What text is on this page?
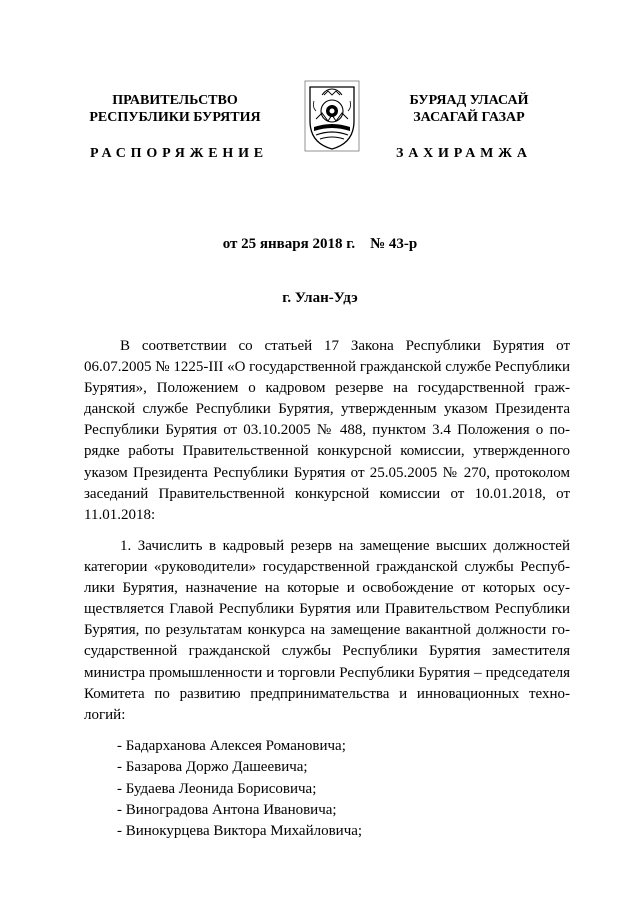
ПРАВИТЕЛЬСТВО
РЕСПУБЛИКИ БУРЯТИЯ
РАСПОРЯЖЕНИЕ
БУРЯАД УЛАСАЙ
ЗАСАГАЙ ГАЗАР
ЗАХИРАМЖА
от 25 января 2018 г.    № 43-р
г. Улан-Удэ

В соответствии со статьей 17 Закона Республики Бурятия от 06.07.2005 № 1225-III «О государственной гражданской службе Республики Бурятия», Положением о кадровом резерве на государственной гражданской службе Республики Бурятия, утвержденным указом Президента Республики Бурятия от 03.10.2005 № 488, пунктом 3.4 Положения о порядке работы Правительственной конкурсной комиссии, утвержденного указом Президента Республики Бурятия от 25.05.2005 № 270, протоколом заседаний Правительственной конкурсной комиссии от 10.01.2018, от 11.01.2018:

1. Зачислить в кадровый резерв на замещение высших должностей категории «руководители» государственной гражданской службы Республики Бурятия, назначение на которые и освобождение от которых осуществляется Главой Республики Бурятия или Правительством Республики Бурятия, по результатам конкурса на замещение вакантной должности государственной гражданской службы Республики Бурятия заместителя министра промышленности и торговли Республики Бурятия – председателя Комитета по развитию предпринимательства и инновационных технологий:

- Бадарханова Алексея Романовича;
- Базарова Доржо Дашеевича;
- Будаева Леонида Борисовича;
- Виноградова Антона Ивановича;
- Винокурцева Виктора Михайловича;
